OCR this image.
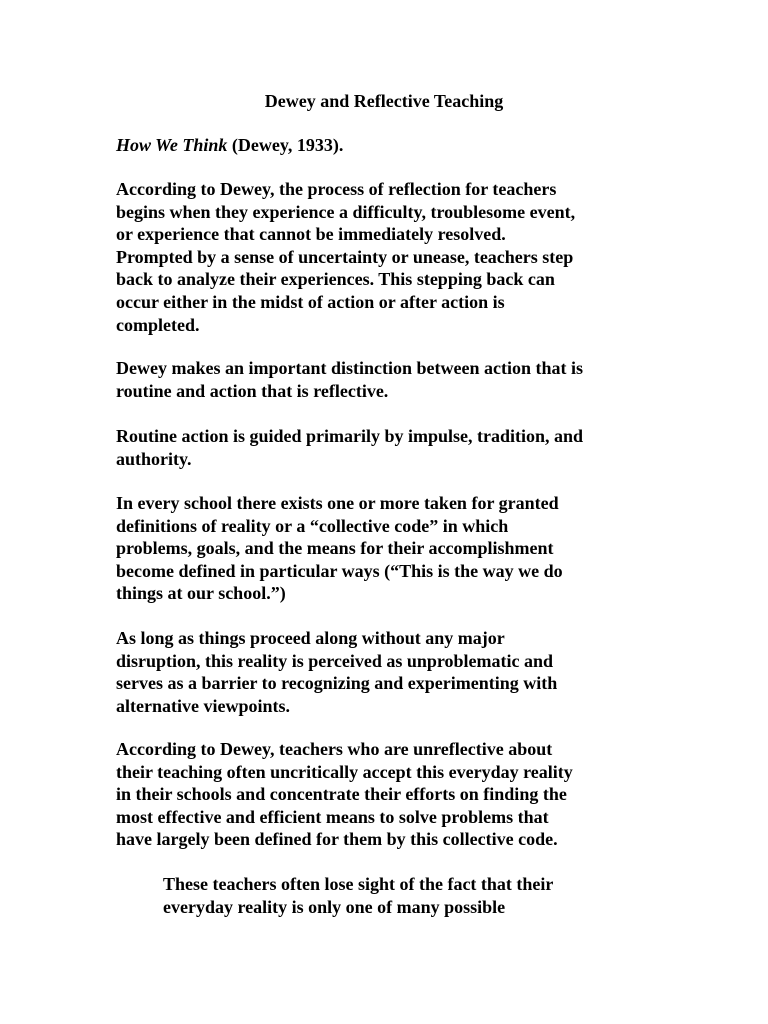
Dewey and Reflective Teaching

How We Think (Dewey, 1933).

According to Dewey, the process of reflection for teachers
begins when they experience a difficulty, troublesome event,
or experience that cannot be immediately resolved.
Prompted by a sense of uncertainty or unease, teachers step
back to analyze their experiences. This stepping back can
occur either in the midst of action or after action is
completed.

Dewey makes an important distinction between action that is
routine and action that is reflective.

Routine action is guided primarily by impulse, tradition, and
authority.

In every school there exists one or more taken for granted
definitions of reality or a “collective code” in which
problems, goals, and the means for their accomplishment
become defined in particular ways (“This is the way we do
things at our school.”)

As long as things proceed along without any major
disruption, this reality is perceived as unproblematic and
serves as a barrier to recognizing and experimenting with
alternative viewpoints.

According to Dewey, teachers who are unreflective about
their teaching often uncritically accept this everyday reality
in their schools and concentrate their efforts on finding the
most effective and efficient means to solve problems that
have largely been defined for them by this collective code.

These teachers often lose sight of the fact that their
everyday reality is only one of many possible
